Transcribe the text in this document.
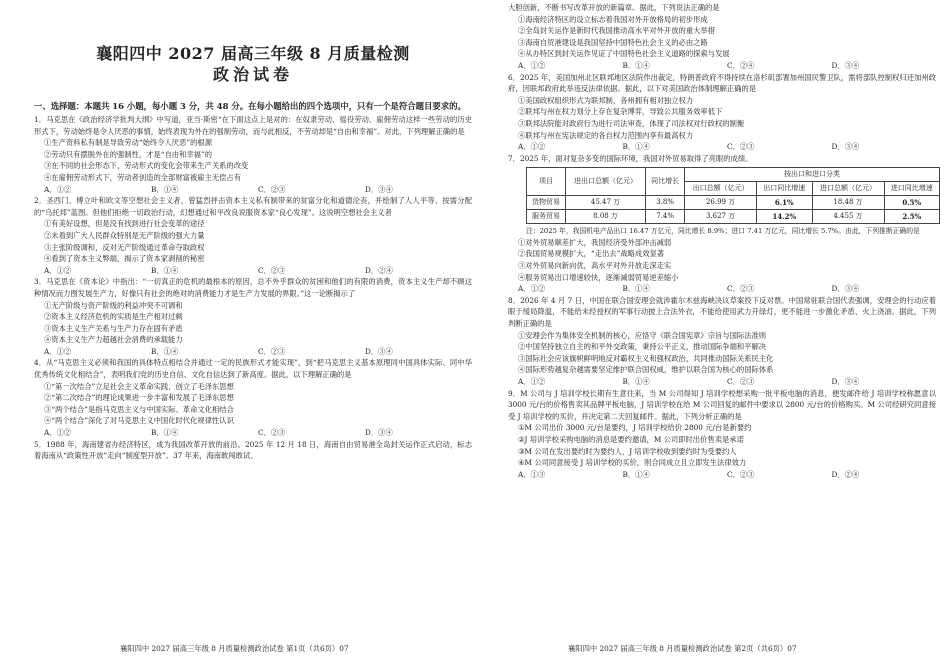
襄阳四中 2027 届高三年级 8 月质量检测
政治试卷
一、选择题：本题共 16 小题，每小题 3 分，共 48 分。在每小题给出的四个选项中，只有一个是符合题目要求的。

1．马克思在《政治经济学批判大纲》中写道，亚当·斯密“在下面这点上是对的：在奴隶劳动、徭役劳动、雇佣劳动这样一些劳动的历史形式下，劳动始终是令人厌恶的事情，始终表现为外在的强制劳动，而与此相反，不劳动却是“自由和幸福”。对此，下列理解正确的是

①生产资料私有制是导致劳动“始终令人厌恶”的根源

②劳动只有摆脱外在的强制性，才是“自由和幸福”的

③在不同的社会形态下，劳动形式的变化会带来生产关系的改变

④在雇佣劳动形式下，劳动者创造的全部财富被雇主无偿占有

A．①②	B．①④	C．②③	D．③④

2．圣西门、傅立叶和欧文等空想社会主义者，曾猛烈抨击资本主义私有制带来的贫富分化和道德沦丧，并绘制了人人平等、按需分配的“乌托邦”蓝图。但他们拒绝一切政治行动，幻想通过和平改良说服资本家“良心发现”。这说明空想社会主义者

①有美好设想，但是没有找到进行社会变革的途径

②未看到广大人民群众特别是无产阶级的强大力量

③主张阶级调和，反对无产阶级通过革命夺取政权

④看到了资本主义弊端，揭示了资本家剥削的秘密

A．①②	B．①④	C．②③	D．②④

3．马克思在《资本论》中指出：“一切真正的危机的最根本的原因，总不外乎群众的贫困和他们的有限的消费，资本主义生产却不顾这种情况而力图发展生产力，好像只有社会的绝对的消费能力才是生产力发展的界限。”这一论断揭示了

①无产阶级与资产阶级的利益冲突不可调和

②资本主义经济危机的实质是生产相对过剩

③资本主义生产关系与生产力存在固有矛盾

④资本主义生产力超越社会消费的承载能力

A．①②	B．①④	C．②③	D．③④

4．从“马克思主义必须和我国的具体特点相结合并通过一定的民族形式才能实现”，到“把马克思主义基本原理同中国具体实际、同中华优秀传统文化相结合”，表明我们党的历史自信、文化自信达到了新高度。据此，以下理解正确的是

①“第一次结合”立足社会主义革命实践，创立了毛泽东思想

②“第二次结合”的理论成果进一步丰富和发展了毛泽东思想

③“两个结合”是指马克思主义与中国实际、革命文化相结合

④“两个结合”深化了对马克思主义中国化时代化规律性认识

A．①②	B．①④	C．②③	D．③④

5．1988 年，海南建省办经济特区，成为我国改革开放的前沿。2025 年 12 月 18 日，海南自由贸易港全岛封关运作正式启动，标志着海南从“政策性开放”走向“制度型开放”。37 年来，海南敢闯敢试、

襄阳四中 2027 届高三年级 8 月质量检测政治试卷 第1页（共6页）07

大胆创新，不断书写改革开放的新篇章。据此，下列说法正确的是

①海南经济特区的设立标志着我国对外开放格局的初步形成

②全岛封关运作是新时代我国推动高水平对外开放的重大举措

③海南自贸港建设是我国坚持中国特色社会主义的必由之路

④从办特区到封关运作见证了中国特色社会主义道路的探索与发展

A．①②	B．①④	C．②④	D．③④

6．2025 年，美国加州北区联邦地区法院作出裁定，特朗普政府不得持续在洛杉矶部署加州国民警卫队，需将部队控制权归还加州政府，因联邦政府此举违反法律依据。据此，以下对美国政治体制理解正确的是

①美国政权组织形式为联邦制，各州拥有相对独立权力

②联邦与州在权力划分上存在复杂博弈，导致公共服务效率低下

③联邦法院能对政府行为进行司法审查，体现了司法权对行政权的制衡

④联邦与州在宪法规定的各自权力范围内享有最高权力

A．①②	B．①④	C．②③	D．③④

7．2025 年，面对复杂多变的国际环境，我国对外贸易取得了亮眼的成绩。

项目	进出口总额（亿元）	同比增长	按出口和进口分类			
			出口总额（亿元）	出口同比增速	进口总额（亿元）	进口同比增速
货物贸易	45.47 万	3.8%	26.99 万	6.1%	18.48 万	0.5%
服务贸易	8.08 万	7.4%	3.627 万	14.2%	4.455 万	2.5%

注：2025 年，我国机电产品出口 16.47 万亿元，同比增长 8.9%；进口 7.41 万亿元，同比增长 5.7%。由此，下列推断正确的是

①对外贸易顺差扩大，我国经济受外部冲击减弱

②我国贸易规模扩大，“走出去”战略成效显著

③对外贸易向新向优，高水平对外开放走深走实

④服务贸易出口增速较快，逐渐减弱贸易逆差缩小

A．①②	B．①④	C．②③	D．③④

8．2026 年 4 月 7 日，中国在联合国安理会就涉霍尔木兹海峡决议草案投下反对票。中国常驻联合国代表强调，安理会的行动应着眼于缓局降温，不能给未经授权的军事行动披上合法外衣，不能给使用武力开绿灯，更不能进一步激化矛盾、火上浇油。据此，下列判断正确的是

①安理会作为集体安全机制的核心，应恪守《联合国宪章》宗旨与国际法准则

②中国坚持独立自主的和平外交政策，秉持公平正义，推动国际争端和平解决

③国际社会应该旗帜鲜明地反对霸权主义和强权政治，共同推动国际关系民主化

④国际形势越复杂越需要坚定维护联合国权威，维护以联合国为核心的国际体系

A．①②	B．①④	C．②③	D．③④

9．M 公司与 J 培训学校长期有生意往来，当 M 公司得知 J 培训学校想采购一批平板电脑的消息，便发邮件给 J 培训学校称愿意以 3000 元/台的价格售卖其品牌平板电脑，J 培训学校在给 M 公司回复的邮件中要求以 2800 元/台的价格购买。M 公司经研究同意接受 J 培训学校的买价，并决定第二天回复邮件。据此，下列分析正确的是

①M 公司出价 3000 元/台是要约，J 培训学校给价 2800 元/台是新要约

②J 培训学校采购电脑的消息是要约邀请，M 公司即时出价售卖是承诺

③M 公司在发出要约时为要约人，J 培训学校收到要约时为受要约人

④M 公司同意接受 J 培训学校的买价，则合同成立且立即发生法律效力

A．①③	B．①④	C．②③	D．②④
襄阳四中 2027 届高三年级 8 月质量检测政治试卷 第2页（共6页）07
